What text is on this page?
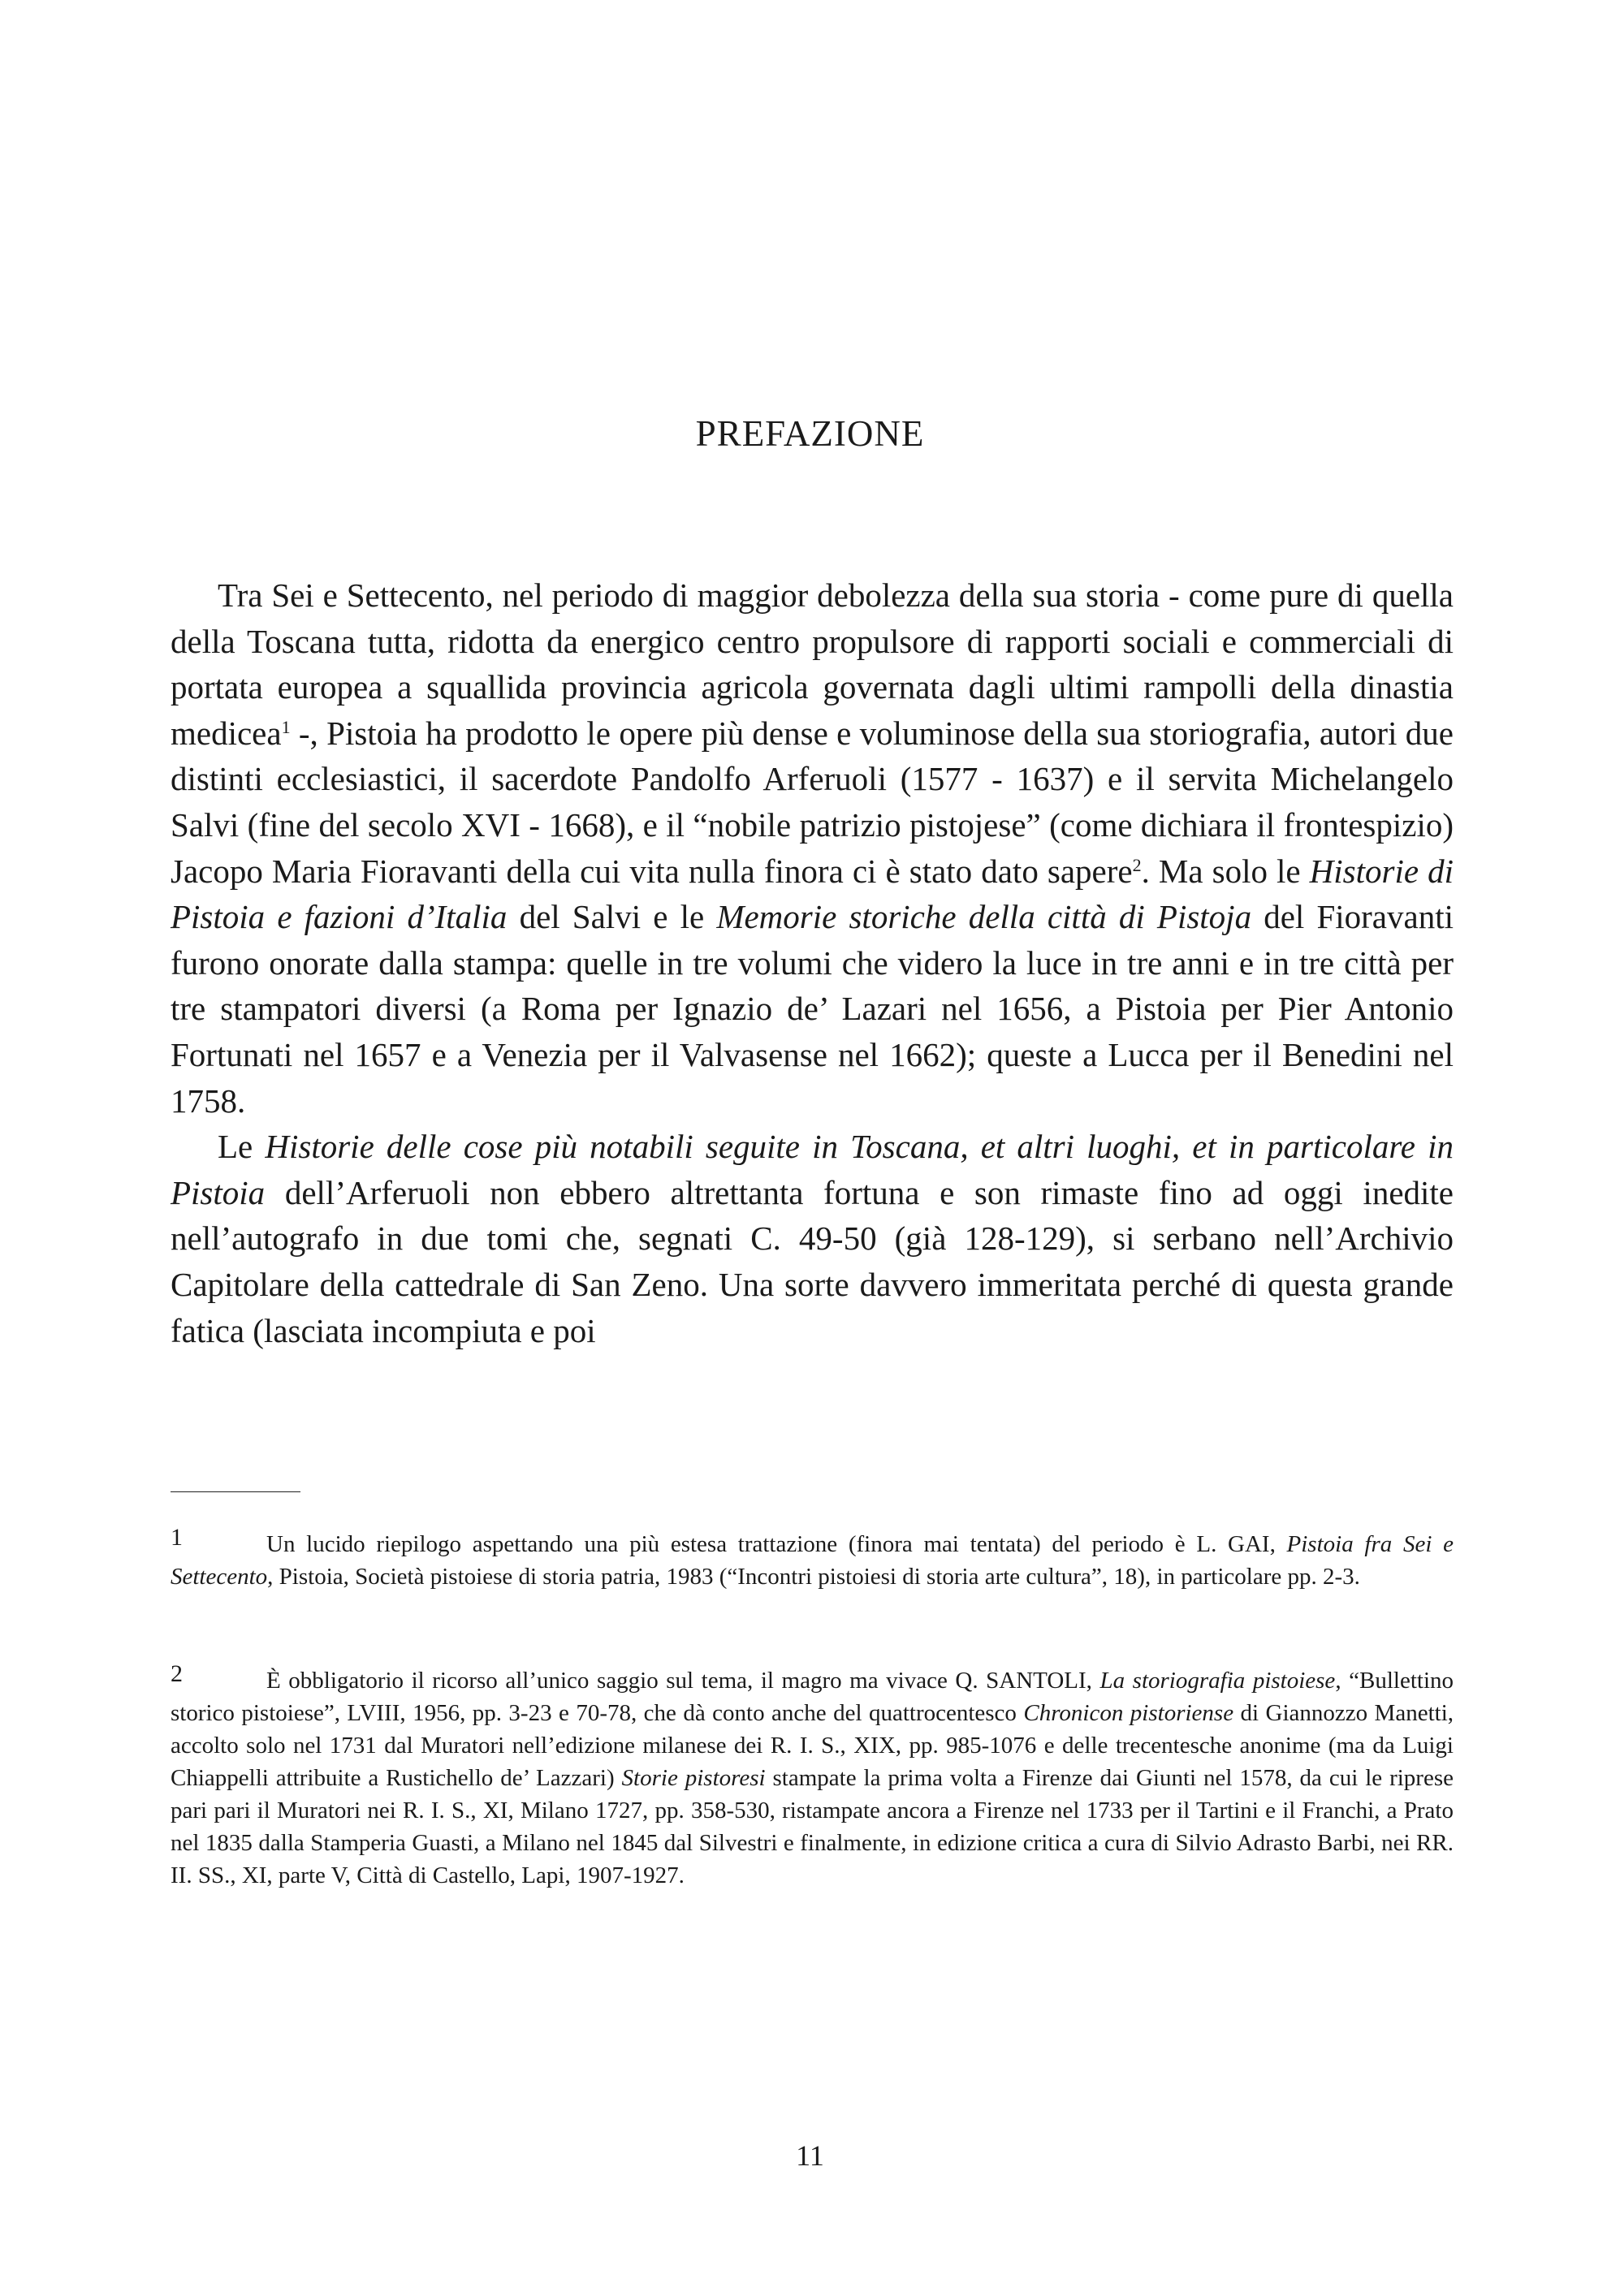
PREFAZIONE

Tra Sei e Settecento, nel periodo di maggior debolezza della sua storia - come pure di quella della Toscana tutta, ridotta da energico centro propulsore di rapporti sociali e commerciali di portata europea a squallida provincia agricola governata dagli ultimi rampolli della dinastia medicea$^1$ -, Pistoia ha prodotto le opere più dense e voluminose della sua storiografia, autori due distinti ecclesiastici, il sacerdote Pandolfo Arferuoli (1577 - 1637) e il servita Michelangelo Salvi (fine del secolo XVI - 1668), e il “nobile patrizio pistojese” (come dichiara il frontespizio) Jacopo Maria Fioravanti della cui vita nulla finora ci è stato dato sapere$^2$. Ma solo le Historie di Pistoia e fazioni d’Italia del Salvi e le Memorie storiche della città di Pistoja del Fioravanti furono onorate dalla stampa: quelle in tre volumi che videro la luce in tre anni e in tre città per tre stampatori diversi (a Roma per Ignazio de’ Lazari nel 1656, a Pistoia per Pier Antonio Fortunati nel 1657 e a Venezia per il Valvasense nel 1662); queste a Lucca per il Benedini nel 1758.

Le Historie delle cose più notabili seguite in Toscana, et altri luoghi, et in particolare in Pistoia dell’Arferuoli non ebbero altrettanta fortuna e son rimaste fino ad oggi inedite nell’autografo in due tomi che, segnati C. 49-50 (già 128-129), si serbano nell’Archivio Capitolare della cattedrale di San Zeno. Una sorte davvero immeritata perché di questa grande fatica (lasciata incompiuta e poi

1	Un lucido riepilogo aspettando una più estesa trattazione (finora mai tentata) del periodo è L. GAI, Pistoia fra Sei e Settecento, Pistoia, Società pistoiese di storia patria, 1983 (“Incontri pistoiesi di storia arte cultura”, 18), in particolare pp. 2-3.

2	È obbligatorio il ricorso all’unico saggio sul tema, il magro ma vivace Q. SANTOLI, La storiografia pistoiese, “Bullettino storico pistoiese”, LVIII, 1956, pp. 3-23 e 70-78, che dà conto anche del quattrocentesco Chronicon pistoriense di Giannozzo Manetti, accolto solo nel 1731 dal Muratori nell’edizione milanese dei R. I. S., XIX, pp. 985-1076 e delle trecentesche anonime (ma da Luigi Chiappelli attribuite a Rustichello de’ Lazzari) Storie pistoresi stampate la prima volta a Firenze dai Giunti nel 1578, da cui le riprese pari pari il Muratori nei R. I. S., XI, Milano 1727, pp. 358-530, ristampate ancora a Firenze nel 1733 per il Tartini e il Franchi, a Prato nel 1835 dalla Stamperia Guasti, a Milano nel 1845 dal Silvestri e finalmente, in edizione critica a cura di Silvio Adrasto Barbi, nei RR. II. SS., XI, parte V, Città di Castello, Lapi, 1907-1927.

11
